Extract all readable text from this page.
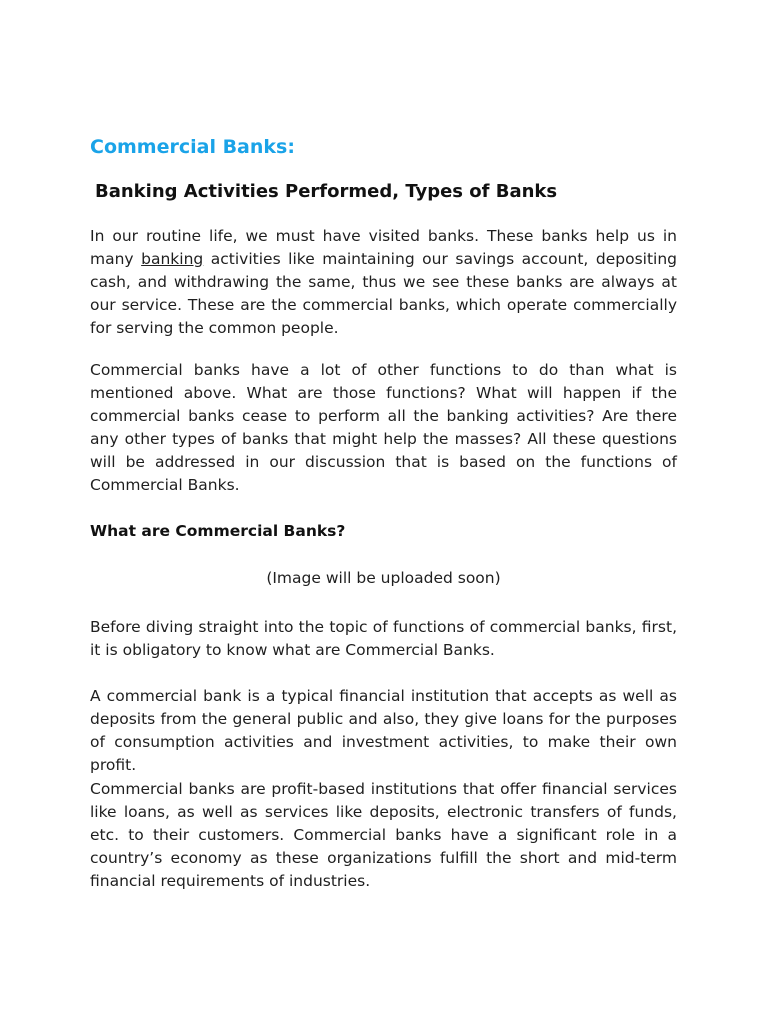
Commercial Banks:
Banking Activities Performed, Types of Banks

In our routine life, we must have visited banks. These banks help us in many banking activities like maintaining our savings account, depositing cash, and withdrawing the same, thus we see these banks are always at our service. These are the commercial banks, which operate commercially for serving the common people.

Commercial banks have a lot of other functions to do than what is mentioned above. What are those functions? What will happen if the commercial banks cease to perform all the banking activities? Are there any other types of banks that might help the masses? All these questions will be addressed in our discussion that is based on the functions of Commercial Banks.

What are Commercial Banks?

(Image will be uploaded soon)

Before diving straight into the topic of functions of commercial banks, first, it is obligatory to know what are Commercial Banks.

A commercial bank is a typical financial institution that accepts as well as deposits from the general public and also, they give loans for the purposes of consumption activities and investment activities, to make their own profit.

Commercial banks are profit-based institutions that offer financial services like loans, as well as services like deposits, electronic transfers of funds, etc. to their customers. Commercial banks have a significant role in a country’s economy as these organizations fulfill the short and mid-term financial requirements of industries.
